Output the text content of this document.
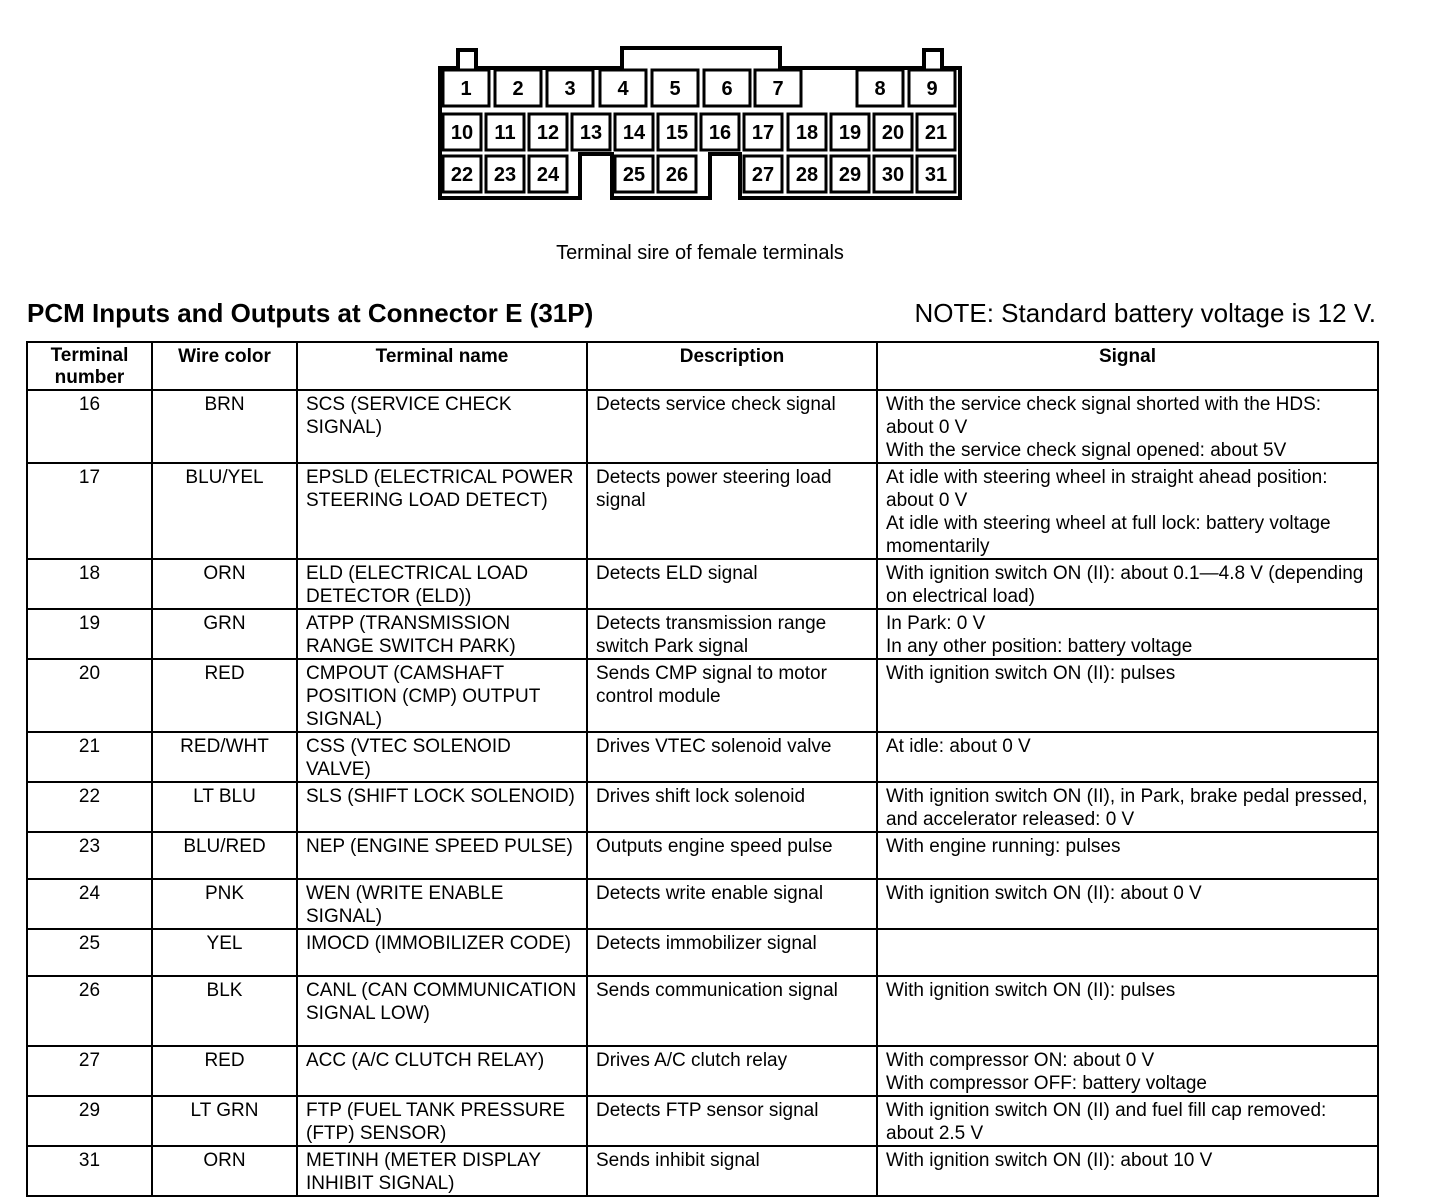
1 2 3 4 5 6 7	8 9
10 11 12 13 14 15 16 17 18 19 20 21
22 23 24	25 26	27 28 29 30 31
Terminal sire of female terminals
PCM Inputs and Outputs at Connector E (31P)	NOTE: Standard battery voltage is 12 V.
Terminal
number	Wire color	Terminal name	Description	Signal
16	BRN	SCS (SERVICE CHECK SIGNAL)	Detects service check signal	With the service check signal shorted with the HDS: about 0 V
With the service check signal opened: about 5V

17	BLU/YEL	EPSLD (ELECTRICAL POWER STEERING LOAD DETECT)	Detects power steering load signal	At idle with steering wheel in straight ahead position: about 0 V
At idle with steering wheel at full lock: battery voltage momentarily

18	ORN	ELD (ELECTRICAL LOAD DETECTOR (ELD))	Detects ELD signal	With ignition switch ON (II): about 0.1—4.8 V (depending on electrical load)

19	GRN	ATPP (TRANSMISSION RANGE SWITCH PARK)	Detects transmission range switch Park signal	In Park: 0 V
In any other position: battery voltage

20	RED	CMPOUT (CAMSHAFT POSITION (CMP) OUTPUT SIGNAL)	Sends CMP signal to motor control module	With ignition switch ON (II): pulses

21	RED/WHT	CSS (VTEC SOLENOID VALVE)	Drives VTEC solenoid valve	At idle: about 0 V

22	LT BLU	SLS (SHIFT LOCK SOLENOID)	Drives shift lock solenoid	With ignition switch ON (II), in Park, brake pedal pressed, and accelerator released: 0 V

23	BLU/RED	NEP (ENGINE SPEED PULSE)	Outputs engine speed pulse	With engine running: pulses

24	PNK	WEN (WRITE ENABLE SIGNAL)	Detects write enable signal	With ignition switch ON (II): about 0 V

25	YEL	IMOCD (IMMOBILIZER CODE)	Detects immobilizer signal	
26	BLK	CANL (CAN COMMUNICATION SIGNAL LOW)	Sends communication signal	With ignition switch ON (II): pulses

27	RED	ACC (A/C CLUTCH RELAY)	Drives A/C clutch relay	With compressor ON: about 0 V
With compressor OFF: battery voltage

29	LT GRN	FTP (FUEL TANK PRESSURE (FTP) SENSOR)	Detects FTP sensor signal	With ignition switch ON (II) and fuel fill cap removed: about 2.5 V

31	ORN	METINH (METER DISPLAY INHIBIT SIGNAL)	Sends inhibit signal	With ignition switch ON (II): about 10 V
